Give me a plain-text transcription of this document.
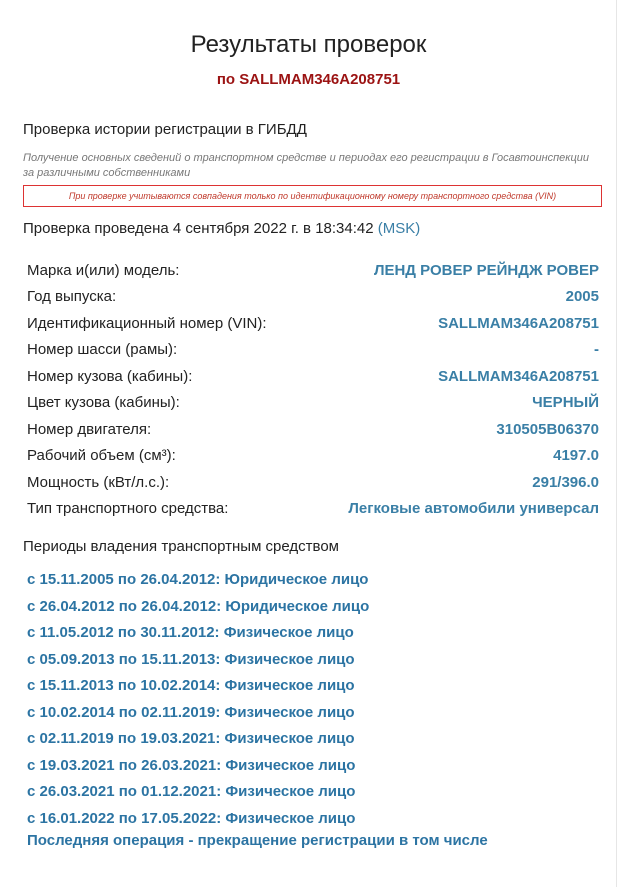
Результаты проверок
по SALLMAM346A208751
Проверка истории регистрации в ГИБДД
Получение основных сведений о транспортном средстве и периодах его регистрации в Госавтоинспекции за различными собственниками
При проверке учитываются совпадения только по идентификационному номеру транспортного средства (VIN)
Проверка проведена 4 сентября 2022 г. в 18:34:42 (MSK)
Марка и(или) модель:	ЛЕНД РОВЕР РЕЙНДЖ РОВЕР
Год выпуска:	2005
Идентификационный номер (VIN):	SALLMAM346A208751
Номер шасси (рамы):	-
Номер кузова (кабины):	SALLMAM346A208751
Цвет кузова (кабины):	ЧЕРНЫЙ
Номер двигателя:	310505В06370
Рабочий объем (см³):	4197.0
Мощность (кВт/л.с.):	291/396.0
Тип транспортного средства:	Легковые автомобили универсал
Периоды владения транспортным средством
с 15.11.2005 по 26.04.2012: Юридическое лицо
с 26.04.2012 по 26.04.2012: Юридическое лицо
с 11.05.2012 по 30.11.2012: Физическое лицо
с 05.09.2013 по 15.11.2013: Физическое лицо
с 15.11.2013 по 10.02.2014: Физическое лицо
с 10.02.2014 по 02.11.2019: Физическое лицо
с 02.11.2019 по 19.03.2021: Физическое лицо
с 19.03.2021 по 26.03.2021: Физическое лицо
с 26.03.2021 по 01.12.2021: Физическое лицо
с 16.01.2022 по 17.05.2022: Физическое лицо
Последняя операция - прекращение регистрации в том числе
